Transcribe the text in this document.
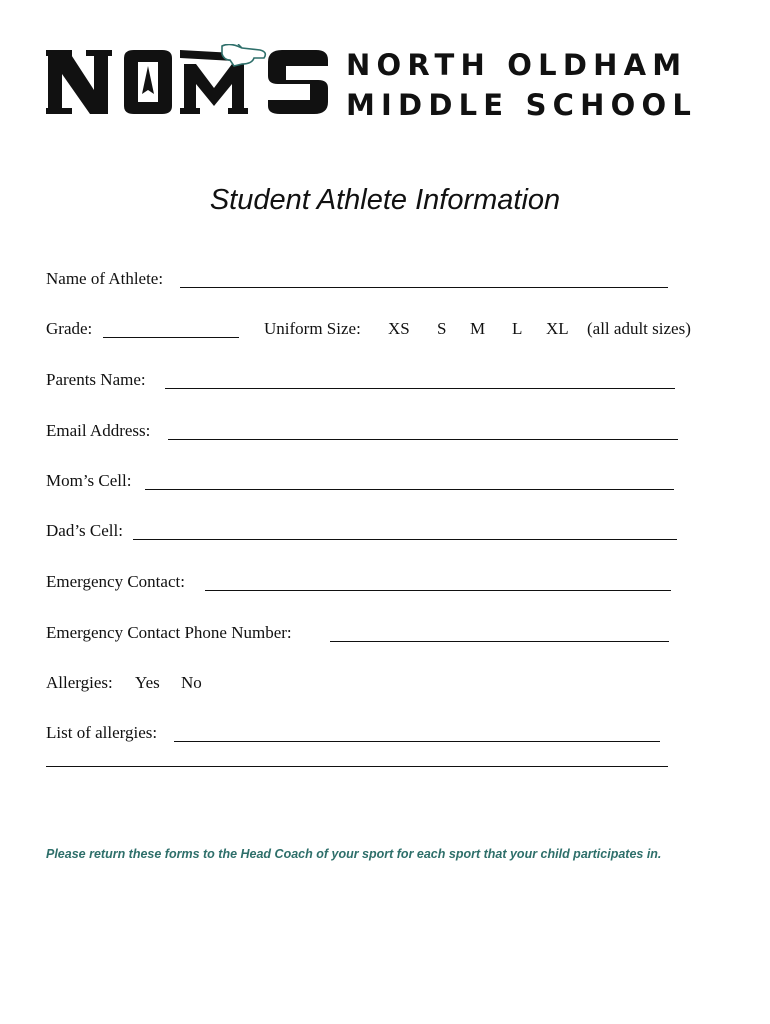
NORTH OLDHAM
MIDDLE SCHOOL
Student Athlete Information
Name of Athlete:
Grade:	Uniform Size: XS S M L XL (all adult sizes)
Parents Name:
Email Address:
Mom’s Cell:
Dad’s Cell:
Emergency Contact:
Emergency Contact Phone Number:
Allergies: Yes No
List of allergies:
Please return these forms to the Head Coach of your sport for each sport that your child participates in.
